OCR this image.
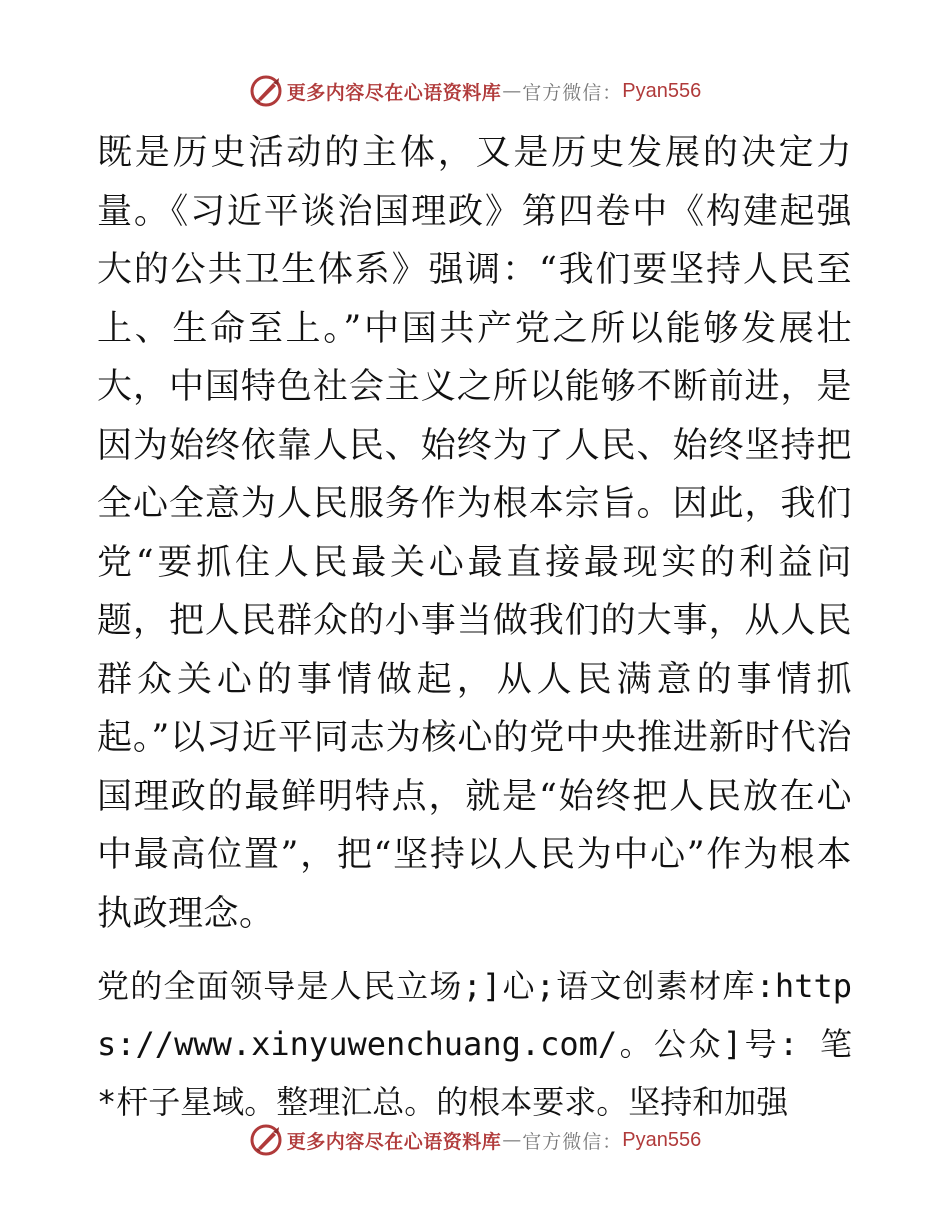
更多内容尽在心语资料库 — 官方微信： Pyan556

既是历史活动的主体，又是历史发展的决定力量。《习近平谈治国理政》第四卷中《构建起强大的公共卫生体系》强调：“我们要坚持人民至上、生命至上。”中国共产党之所以能够发展壮大，中国特色社会主义之所以能够不断前进，是因为始终依靠人民、始终为了人民、始终坚持把全心全意为人民服务作为根本宗旨。因此，我们党“要抓住人民最关心最直接最现实的利益问题，把人民群众的小事当做我们的大事，从人民群众关心的事情做起，从人民满意的事情抓起。”以习近平同志为核心的党中央推进新时代治国理政的最鲜明特点，就是“始终把人民放在心中最高位置”，把“坚持以人民为中心”作为根本执政理念。

党的全面领导是人民立场;]心;语文创素材库:https://www.xinyuwenchuang.com/。公众]号: 笔*杆子星域。整理汇总。的根本要求。坚持和加强

更多内容尽在心语资料库 — 官方微信： Pyan556
